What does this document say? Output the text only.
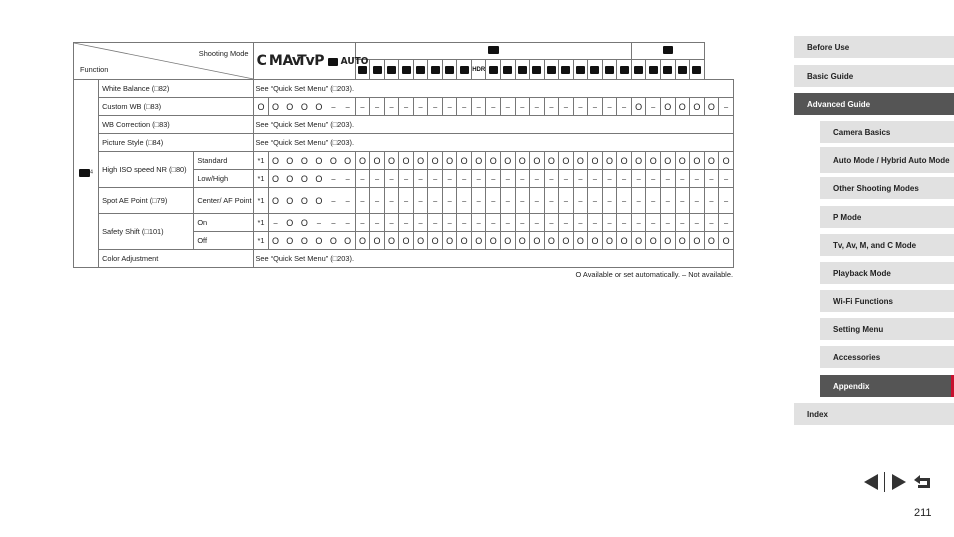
Shooting Mode
Function			C	M	Av	Tv	P		AUTO																										
																		HDR																	
$^4$	White Balance (□82)		See “Quick Set Menu” (□203).																																
	Custom WB (□83)		O	O	O	O	O	–	–	–	–	–	–	–	–	–	–	–	–	–	–	–	–	–	–	–	–	–	O	–	O	O	O	O	–
	WB Correction (□83)		See “Quick Set Menu” (□203).																																
	Picture Style (□84)		See “Quick Set Menu” (□203).																																
	High ISO speed NR (□80)	Standard	*1	O	O	O	O	O	O	O	O	O	O	O	O	O	O	O	O	O	O	O	O	O	O	O	O	O	O	O	O	O	O	O	O
		Low/High	*1	O	O	O	O	–	–	–	–	–	–	–	–	–	–	–	–	–	–	–	–	–	–	–	–	–	–	–	–	–	–	–	–
	Spot AE Point (□79)	Center/ AF Point	*1	O	O	O	O	–	–	–	–	–	–	–	–	–	–	–	–	–	–	–	–	–	–	–	–	–	–	–	–	–	–	–	–
	Safety Shift (□101)	On	*1	–	O	O	–	–	–	–	–	–	–	–	–	–	–	–	–	–	–	–	–	–	–	–	–	–	–	–	–	–	–	–	–
		Off	*1	O	O	O	O	O	O	O	O	O	O	O	O	O	O	O	O	O	O	O	O	O	O	O	O	O	O	O	O	O	O	O	O
	Color Adjustment		See “Quick Set Menu” (□203).																																
O Available or set automatically. – Not available.
Before Use
Basic Guide
Advanced Guide
Camera Basics
Auto Mode / Hybrid Auto Mode
Other Shooting Modes
P Mode
Tv, Av, M, and C Mode
Playback Mode
Wi-Fi Functions
Setting Menu
Accessories
Appendix
Index
211
